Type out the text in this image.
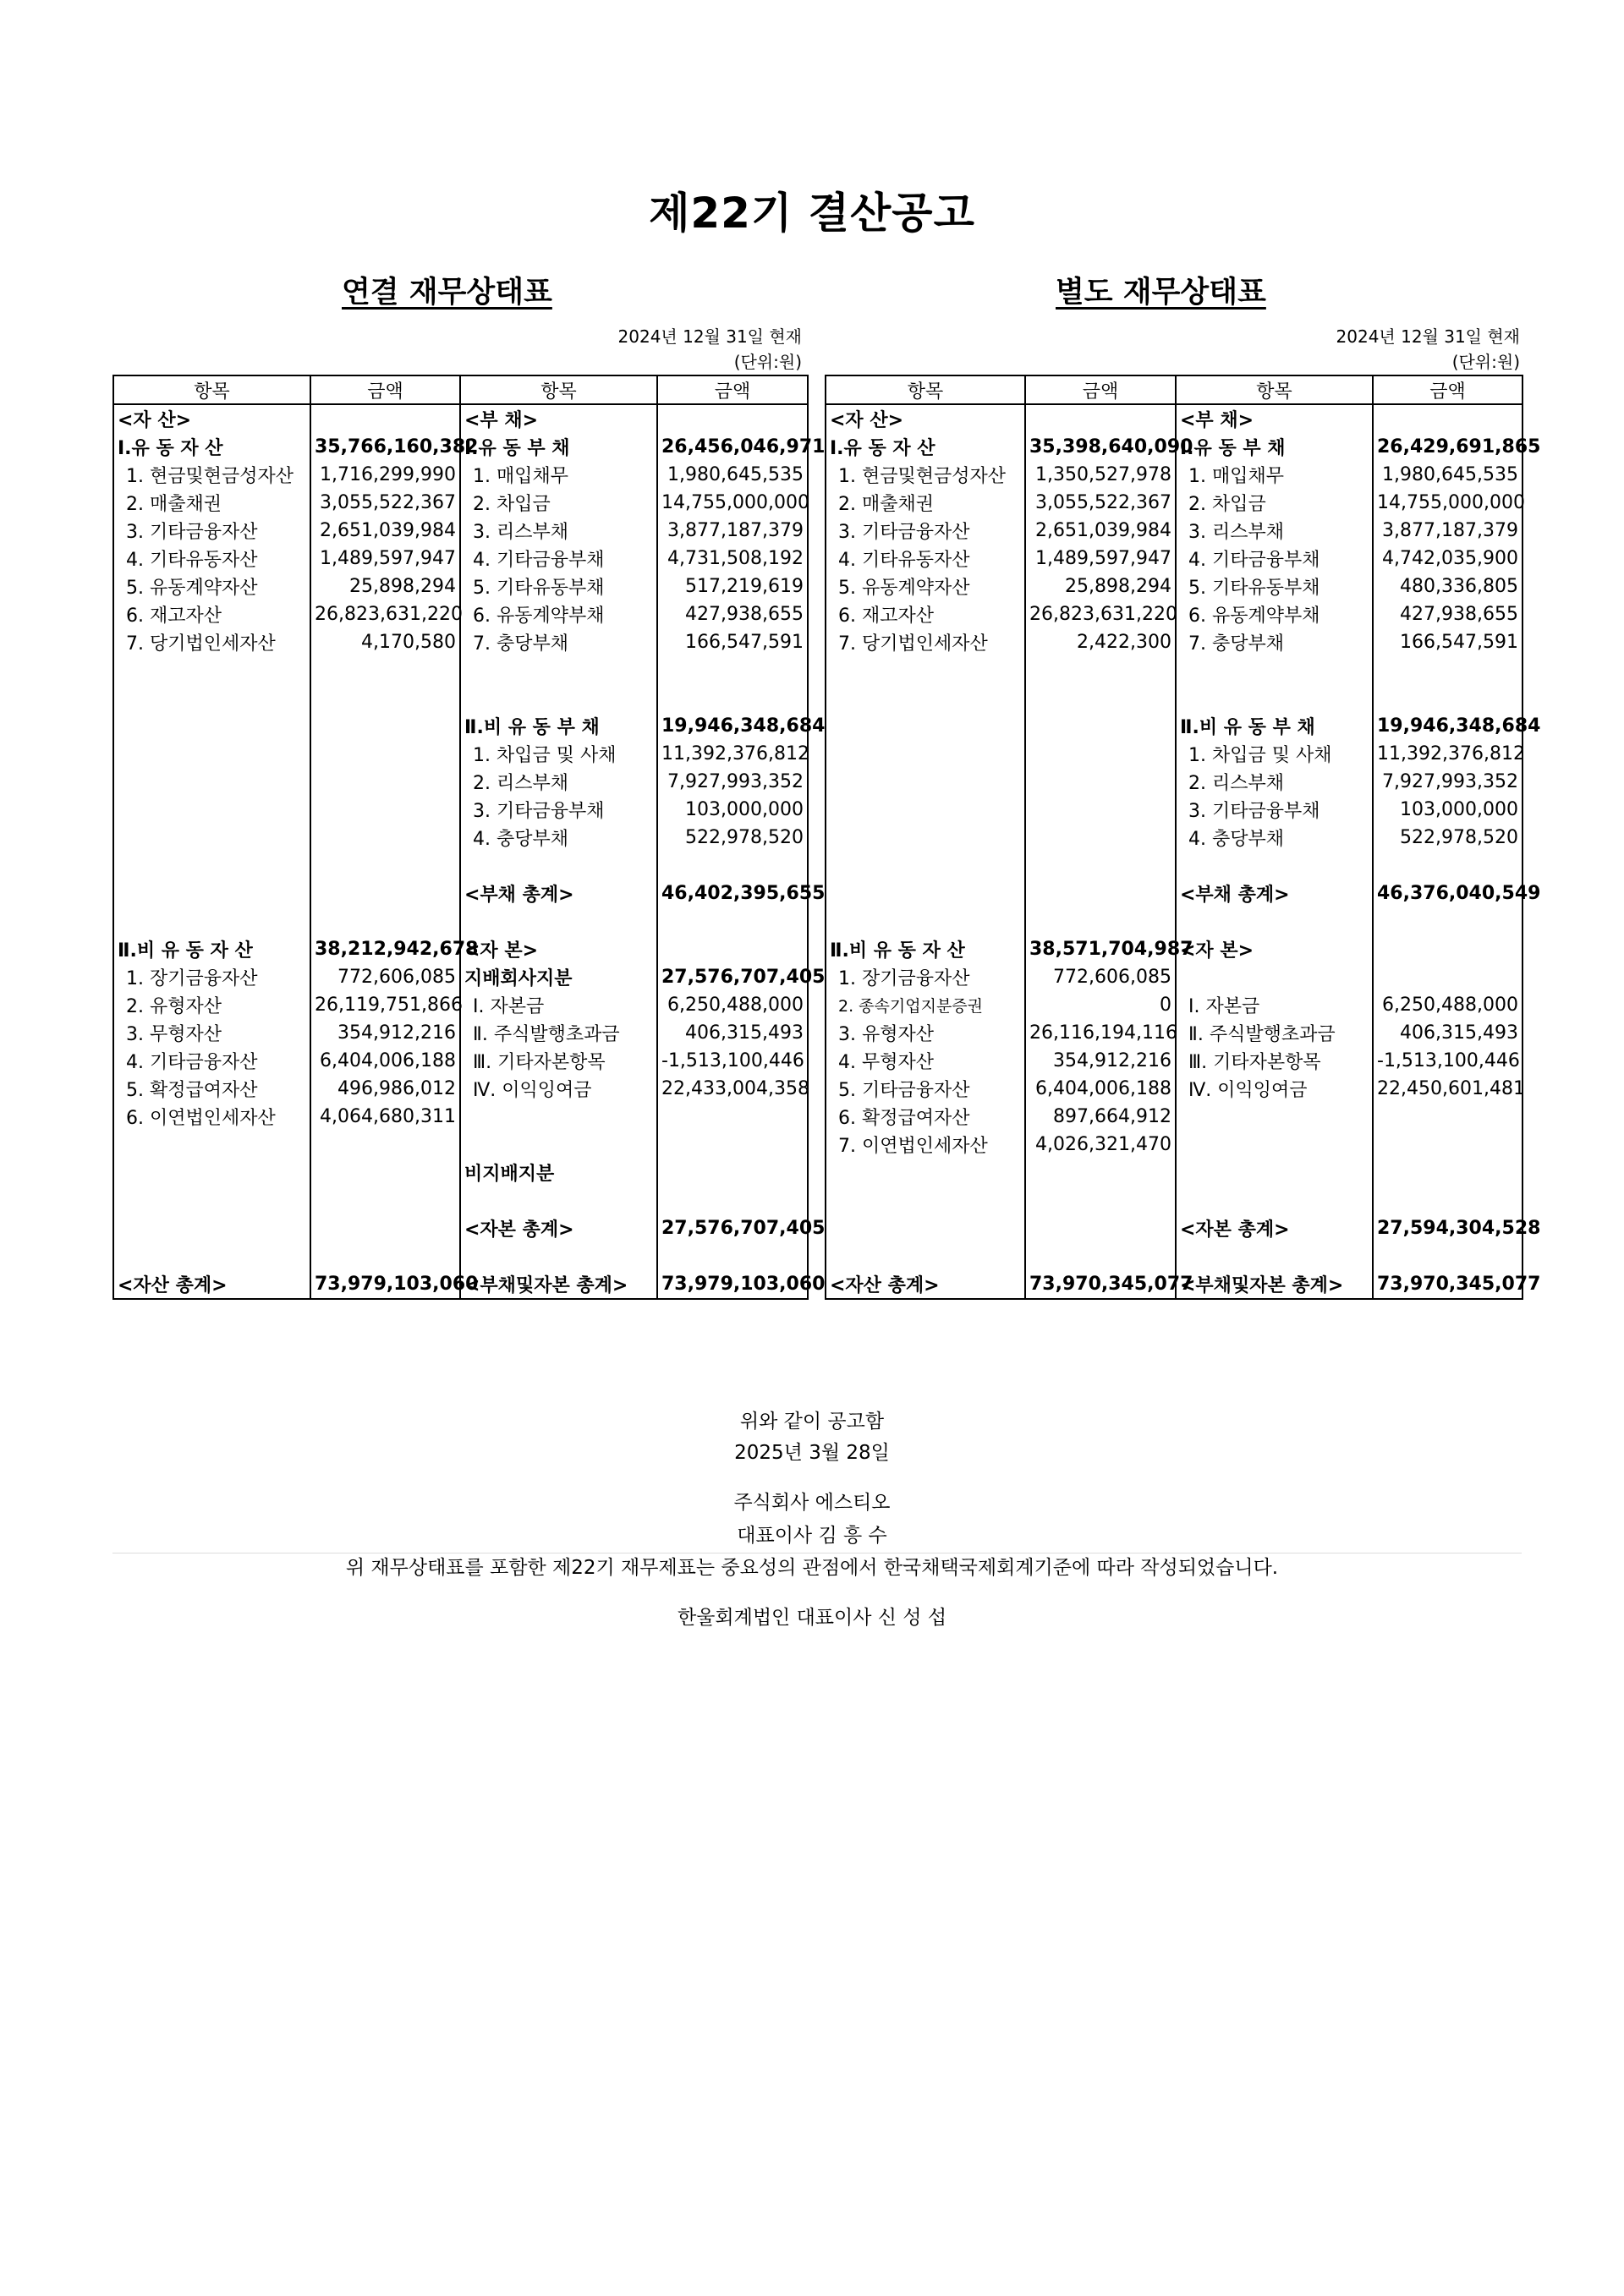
제22기 결산공고
연결 재무상태표
2024년 12월 31일 현재
(단위:원)
항목	금액	항목	금액
<자 산>		<부 채>	
Ⅰ.유 동 자 산	35,766,160,382	Ⅰ.유 동 부 채	26,456,046,971
1. 현금및현금성자산	1,716,299,990	1. 매입채무	1,980,645,535
2. 매출채권	3,055,522,367	2. 차입금	14,755,000,000
3. 기타금융자산	2,651,039,984	3. 리스부채	3,877,187,379
4. 기타유동자산	1,489,597,947	4. 기타금융부채	4,731,508,192
5. 유동계약자산	25,898,294	5. 기타유동부채	517,219,619
6. 재고자산	26,823,631,220	6. 유동계약부채	427,938,655
7. 당기법인세자산	4,170,580	7. 충당부채	166,547,591

		Ⅱ.비 유 동 부 채	19,946,348,684
		1. 차입금 및 사채	11,392,376,812
		2. 리스부채	7,927,993,352
		3. 기타금융부채	103,000,000
		4. 충당부채	522,978,520

		<부채 총계>	46,402,395,655

Ⅱ.비 유 동 자 산	38,212,942,678	<자 본>	
1. 장기금융자산	772,606,085	지배회사지분	27,576,707,405
2. 유형자산	26,119,751,866	Ⅰ. 자본금	6,250,488,000
3. 무형자산	354,912,216	Ⅱ. 주식발행초과금	406,315,493
4. 기타금융자산	6,404,006,188	Ⅲ. 기타자본항목	-1,513,100,446
5. 확정급여자산	496,986,012	Ⅳ. 이익잉여금	22,433,004,358
6. 이연법인세자산	4,064,680,311		

		비지배지분	

		<자본 총계>	27,576,707,405

<자산 총계>	73,979,103,060	<부채및자본 총계>	73,979,103,060
별도 재무상태표
2024년 12월 31일 현재
(단위:원)
항목	금액	항목	금액
<자 산>		<부 채>	
Ⅰ.유 동 자 산	35,398,640,090	Ⅰ.유 동 부 채	26,429,691,865
1. 현금및현금성자산	1,350,527,978	1. 매입채무	1,980,645,535
2. 매출채권	3,055,522,367	2. 차입금	14,755,000,000
3. 기타금융자산	2,651,039,984	3. 리스부채	3,877,187,379
4. 기타유동자산	1,489,597,947	4. 기타금융부채	4,742,035,900
5. 유동계약자산	25,898,294	5. 기타유동부채	480,336,805
6. 재고자산	26,823,631,220	6. 유동계약부채	427,938,655
7. 당기법인세자산	2,422,300	7. 충당부채	166,547,591

		Ⅱ.비 유 동 부 채	19,946,348,684
		1. 차입금 및 사채	11,392,376,812
		2. 리스부채	7,927,993,352
		3. 기타금융부채	103,000,000
		4. 충당부채	522,978,520

		<부채 총계>	46,376,040,549

Ⅱ.비 유 동 자 산	38,571,704,987	<자 본>	
1. 장기금융자산	772,606,085		
2. 종속기업지분증권	0	Ⅰ. 자본금	6,250,488,000
3. 유형자산	26,116,194,116	Ⅱ. 주식발행초과금	406,315,493
4. 무형자산	354,912,216	Ⅲ. 기타자본항목	-1,513,100,446
5. 기타금융자산	6,404,006,188	Ⅳ. 이익잉여금	22,450,601,481
6. 확정급여자산	897,664,912		
7. 이연법인세자산	4,026,321,470		

		<자본 총계>	27,594,304,528

<자산 총계>	73,970,345,077	<부채및자본 총계>	73,970,345,077
위와 같이 공고함
2025년 3월 28일
주식회사 에스티오
대표이사 김 흥 수
위 재무상태표를 포함한 제22기 재무제표는 중요성의 관점에서 한국채택국제회계기준에 따라 작성되었습니다.
한울회계법인 대표이사 신 성 섭
